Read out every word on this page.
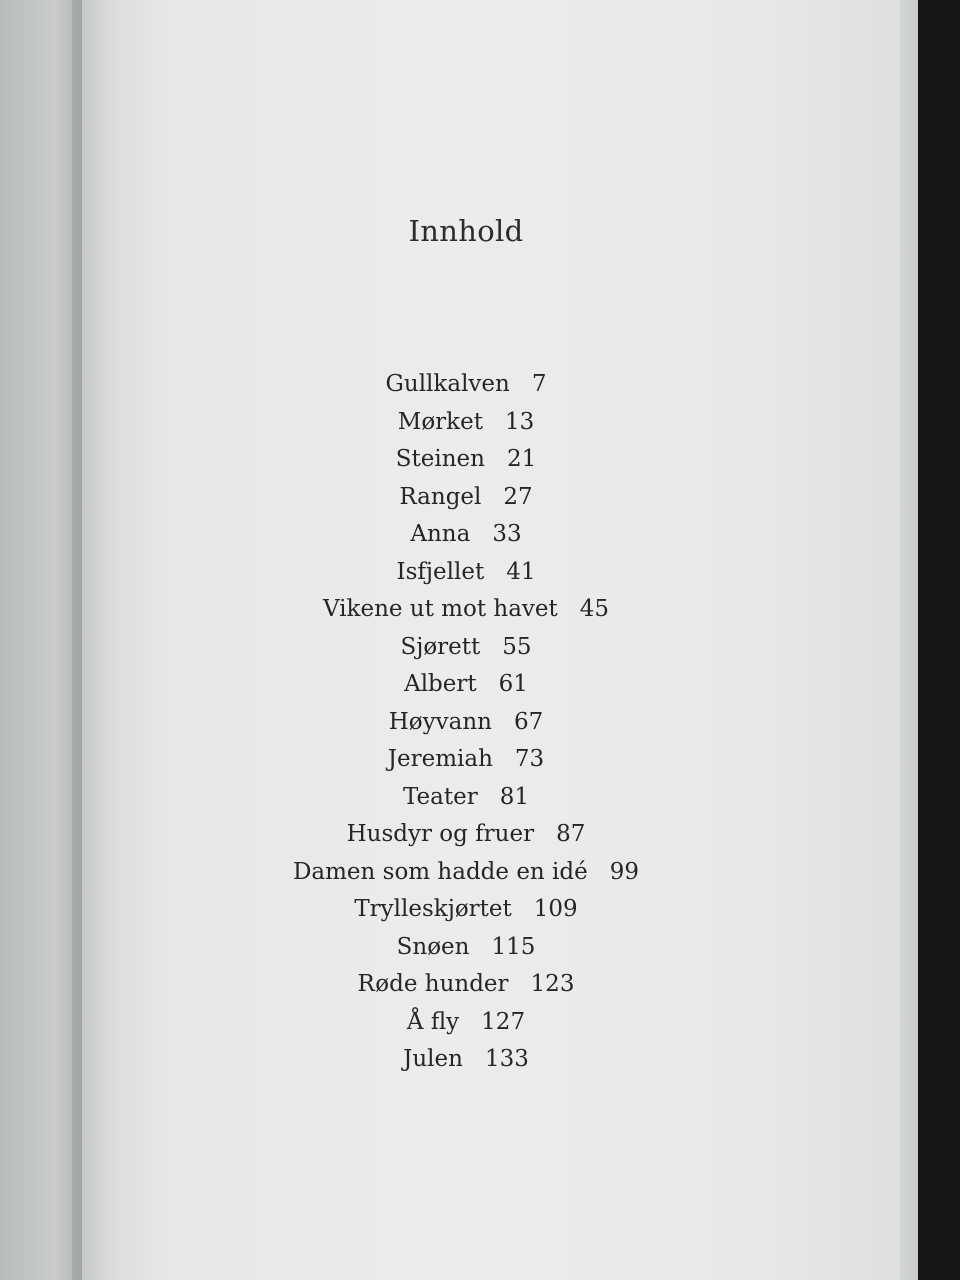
Innhold
Gullkalven 7
Mørket 13
Steinen 21
Rangel 27
Anna 33
Isfjellet 41
Vikene ut mot havet 45
Sjørett 55
Albert 61
Høyvann 67
Jeremiah 73
Teater 81
Husdyr og fruer 87
Damen som hadde en idé 99
Trylleskjørtet 109
Snøen 115
Røde hunder 123
Å fly 127
Julen 133
